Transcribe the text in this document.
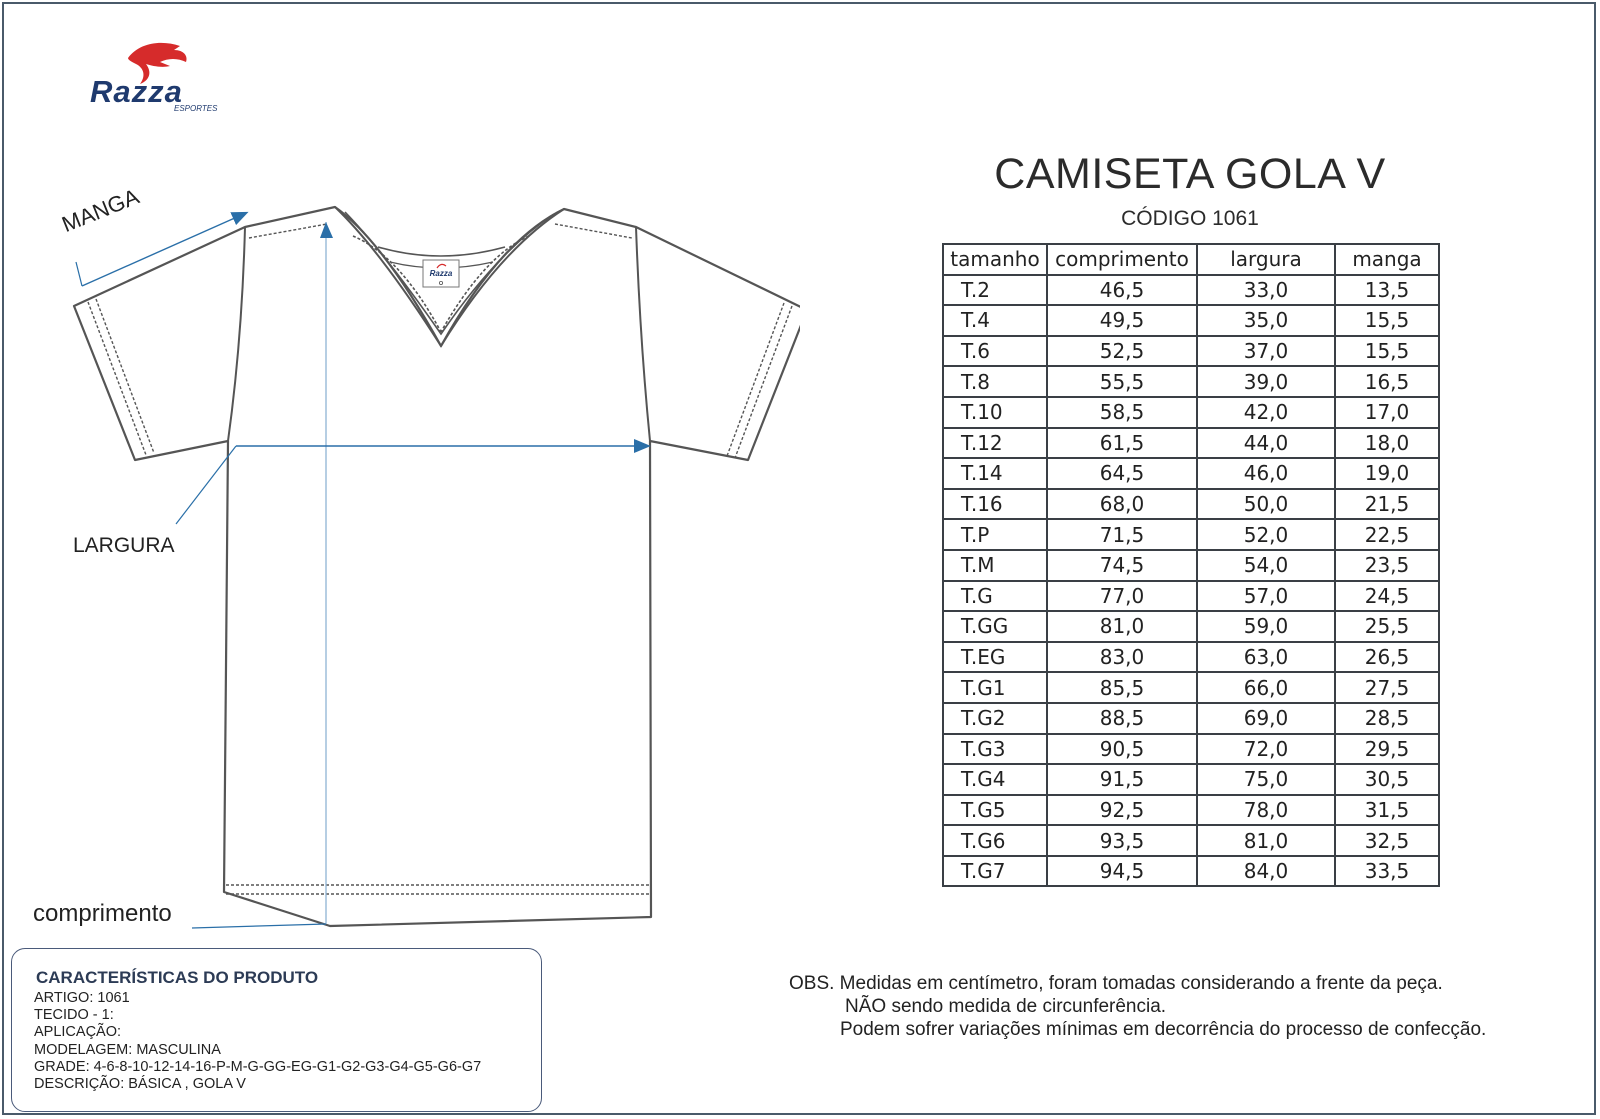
Razza
ESPORTES
Razza
MANGA
LARGURA
comprimento
CAMISETA GOLA V
CÓDIGO 1061
tamanho	comprimento	largura	manga
T.2	46,5	33,0	13,5
T.4	49,5	35,0	15,5
T.6	52,5	37,0	15,5
T.8	55,5	39,0	16,5
T.10	58,5	42,0	17,0
T.12	61,5	44,0	18,0
T.14	64,5	46,0	19,0
T.16	68,0	50,0	21,5
T.P	71,5	52,0	22,5
T.M	74,5	54,0	23,5
T.G	77,0	57,0	24,5
T.GG	81,0	59,0	25,5
T.EG	83,0	63,0	26,5
T.G1	85,5	66,0	27,5
T.G2	88,5	69,0	28,5
T.G3	90,5	72,0	29,5
T.G4	91,5	75,0	30,5
T.G5	92,5	78,0	31,5
T.G6	93,5	81,0	32,5
T.G7	94,5	84,0	33,5
OBS. Medidas em centímetro, foram tomadas considerando a frente da peça.
NÃO sendo medida de circunferência.
Podem sofrer variações mínimas em decorrência do processo de confecção.
CARACTERÍSTICAS DO PRODUTO
ARTIGO: 1061
TECIDO - 1:
APLICAÇÃO:
MODELAGEM: MASCULINA
GRADE: 4-6-8-10-12-14-16-P-M-G-GG-EG-G1-G2-G3-G4-G5-G6-G7
DESCRIÇÃO: BÁSICA , GOLA V
